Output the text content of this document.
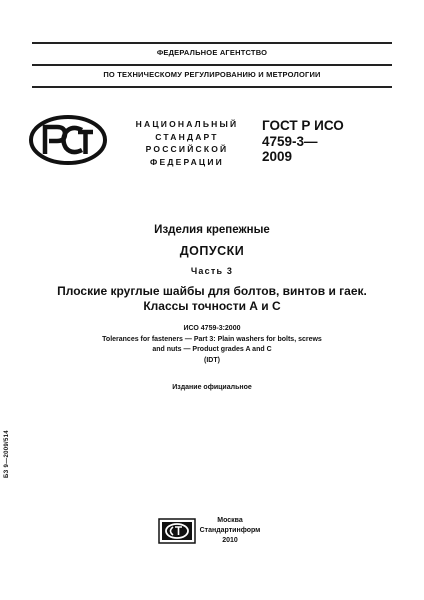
ФЕДЕРАЛЬНОЕ АГЕНТСТВО
ПО ТЕХНИЧЕСКОМУ РЕГУЛИРОВАНИЮ И МЕТРОЛОГИИ
НАЦИОНАЛЬНЫЙ
СТАНДАРТ
РОССИЙСКОЙ
ФЕДЕРАЦИИ
ГОСТ Р ИСО
4759-3—
2009
Изделия крепежные
ДОПУСКИ
Часть 3
Плоские круглые шайбы для болтов, винтов и гаек.
Классы точности А и С
ИСО 4759-3:2000
Tolerances for fasteners — Part 3: Plain washers for bolts, screws
and nuts — Product grades A and C
(IDT)
Издание официальное
БЗ 9—2009/514
Москва
Стандартинформ
2010
